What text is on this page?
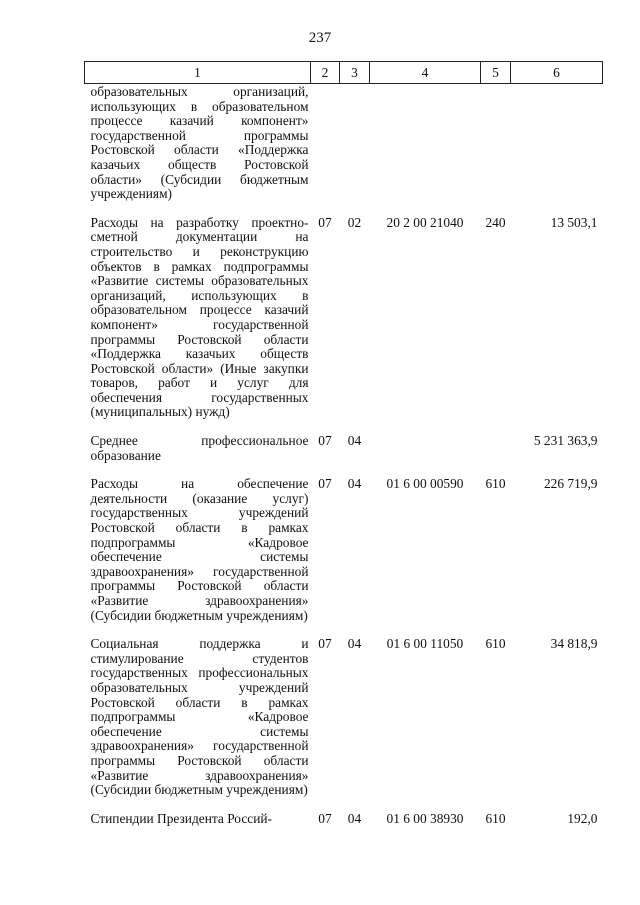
237
1	2	3	4	5	6
образовательных организаций, использующих в образовательном процессе казачий компонент» государственной программы Ростовской области «Поддержка казачьих обществ Ростовской области» (Субсидии бюджетным учреждениям)					
Расходы на разработку проектно-сметной документации на строительство и реконструкцию объектов в рамках подпрограммы «Развитие системы образовательных организаций, использующих в образовательном процессе казачий компонент» государственной программы Ростовской области «Поддержка казачьих обществ Ростовской области» (Иные закупки товаров, работ и услуг для обеспечения государственных (муниципальных) нужд)	07	02	20 2 00 21040	240	13 503,1
Среднее профессиональное образование	07	04			5 231 363,9
Расходы на обеспечение деятельности (оказание услуг) государственных учреждений Ростовской области в рамках подпрограммы «Кадровое обеспечение системы здравоохранения» государственной программы Ростовской области «Развитие здравоохранения» (Субсидии бюджетным учреждениям)	07	04	01 6 00 00590	610	226 719,9
Социальная поддержка и стимулирование студентов государственных профессиональных образовательных учреждений Ростовской области в рамках подпрограммы «Кадровое обеспечение системы здравоохранения» государственной программы Ростовской области «Развитие здравоохранения» (Субсидии бюджетным учреждениям)	07	04	01 6 00 11050	610	34 818,9
Стипендии Президента Россий-	07	04	01 6 00 38930	610	192,0
